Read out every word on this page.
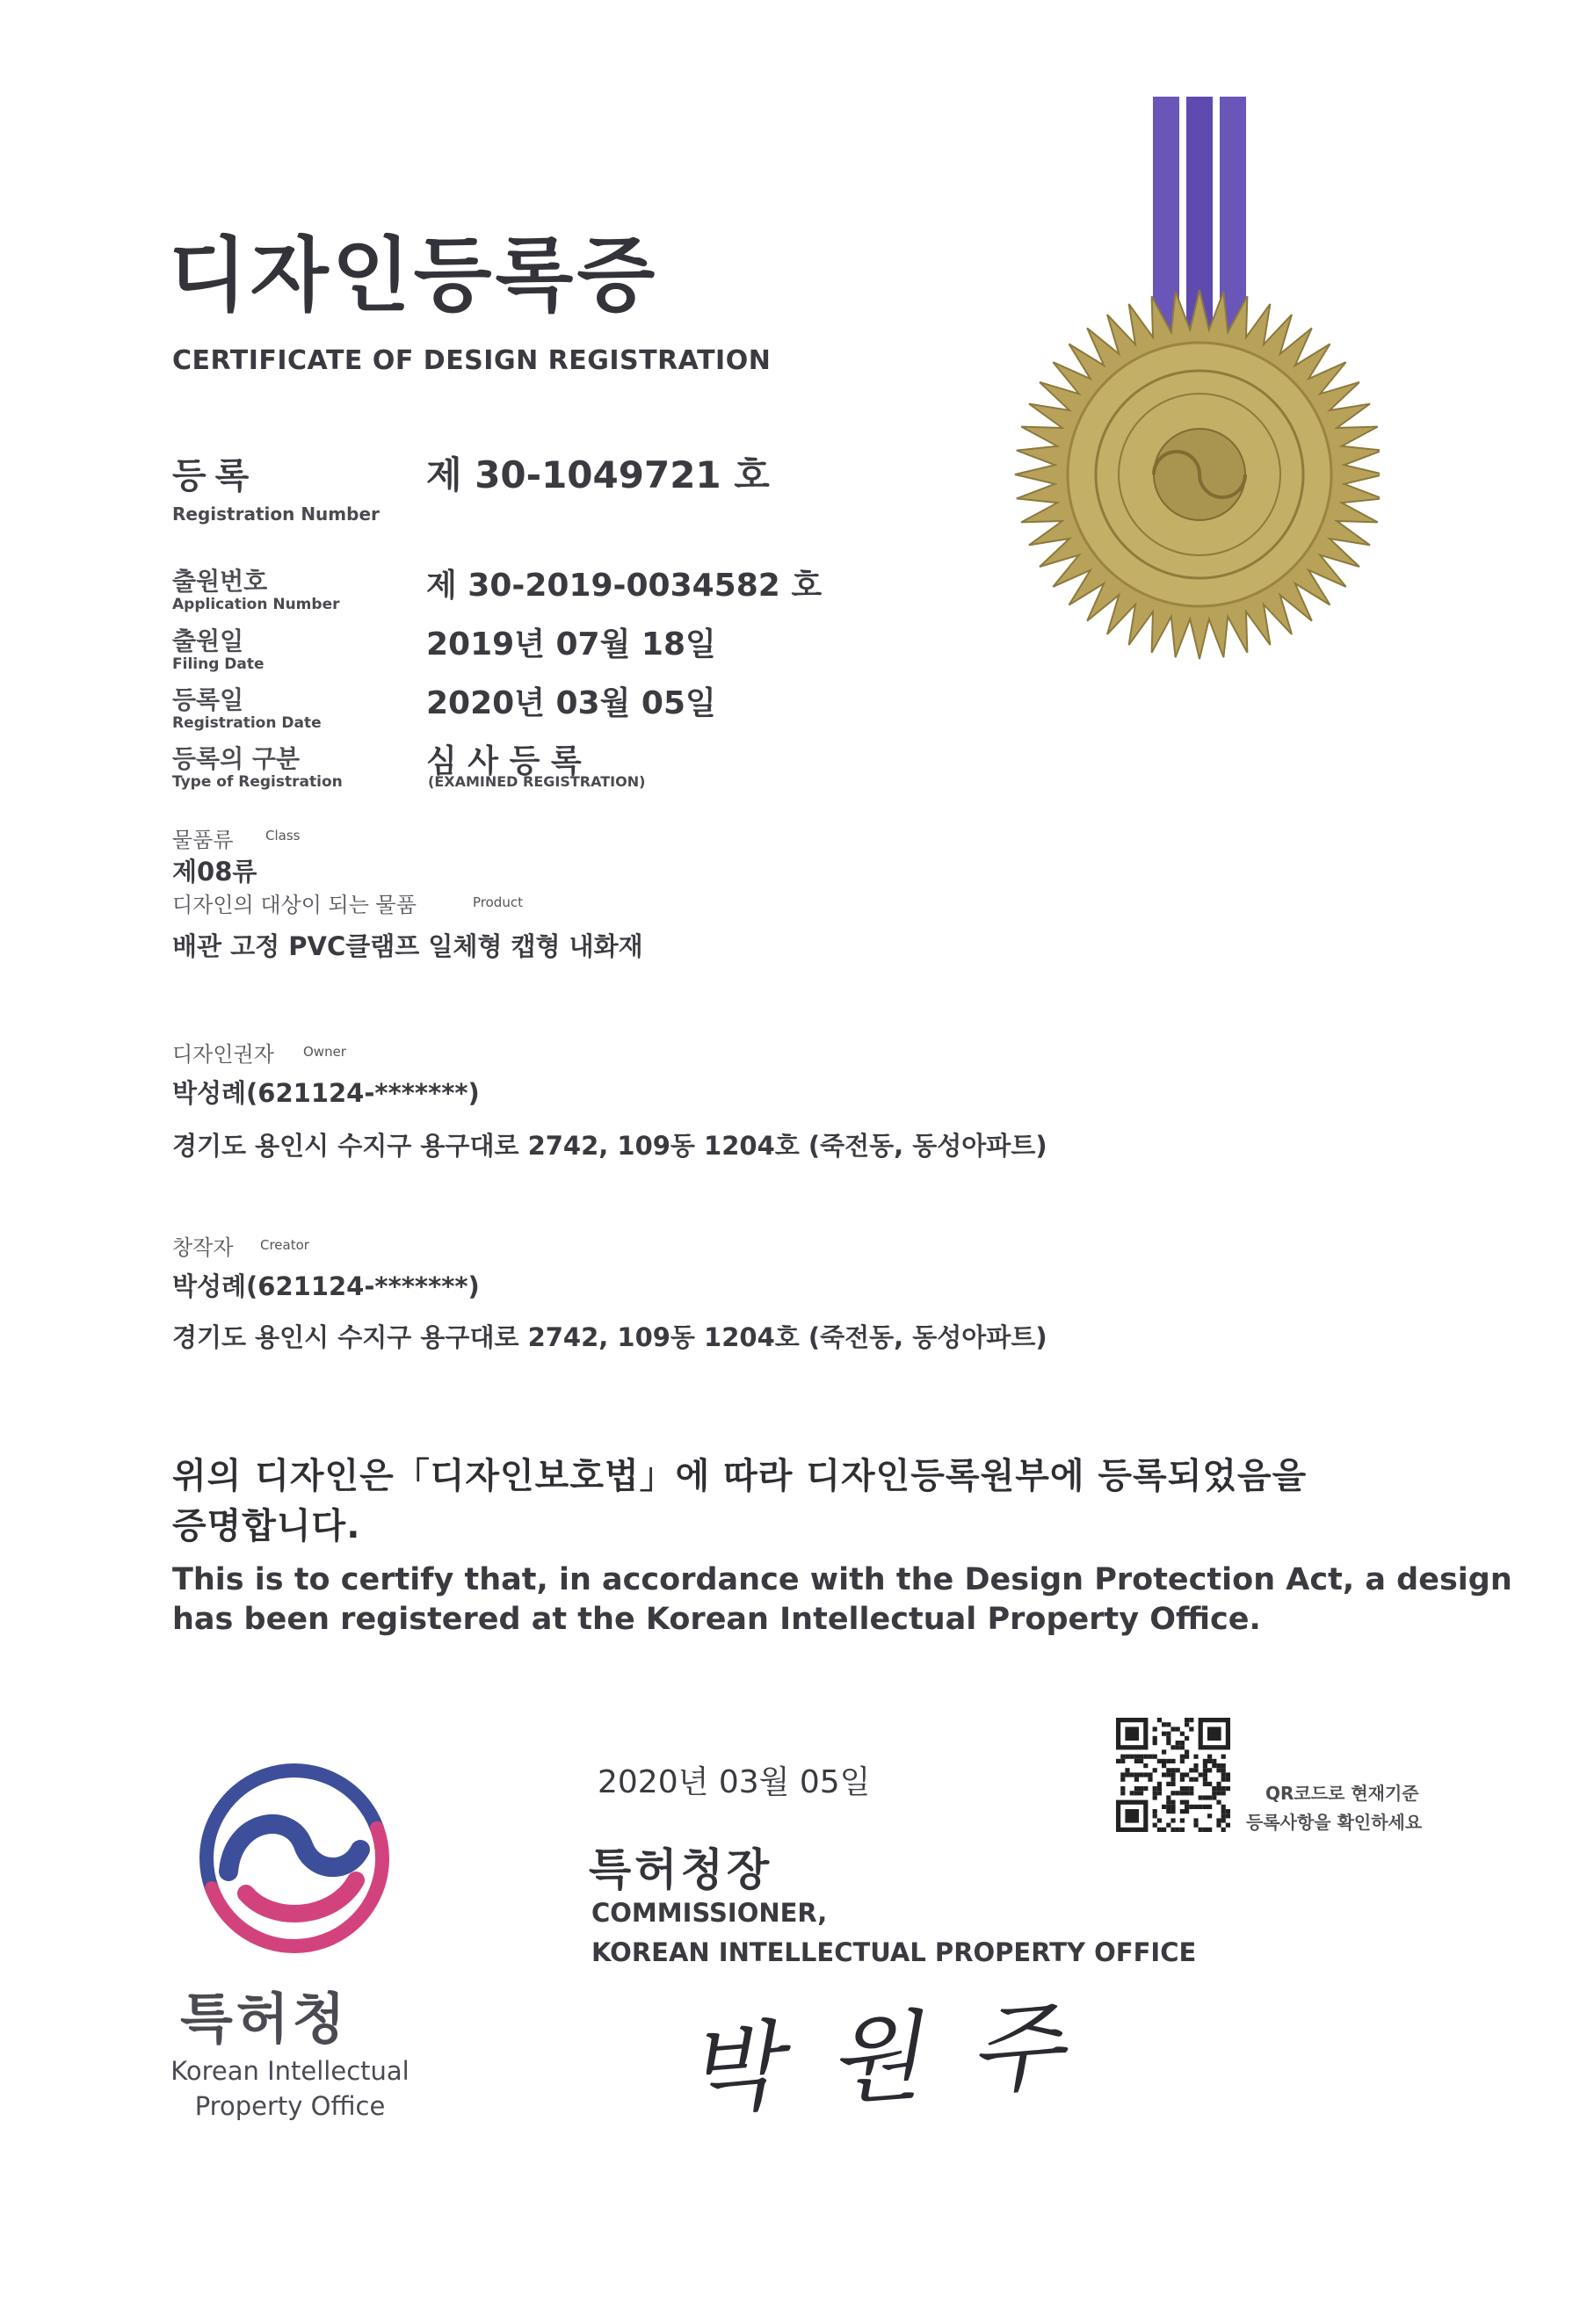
디자인등록증
CERTIFICATE OF DESIGN REGISTRATION
등록
Registration Number
제 30-1049721 호
출원번호
Application Number
제 30-2019-0034582 호
출원일
Filing Date
2019년 07월 18일
등록일
Registration Date
2020년 03월 05일
등록의 구분
Type of Registration
심 사 등 록
(EXAMINED REGISTRATION)
물품류 Class
제08류
디자인의 대상이 되는 물품	Product
배관 고정 PVC클램프 일체형 캡형 내화재
디자인권자 Owner
박성례(621124-*******)
경기도 용인시 수지구 용구대로 2742, 109동 1204호 (죽전동, 동성아파트)
창작자 Creator
박성례(621124-*******)
경기도 용인시 수지구 용구대로 2742, 109동 1204호 (죽전동, 동성아파트)
위의 디자인은「디자인보호법」에 따라 디자인등록원부에 등록되었음을
증명합니다.
This is to certify that, in accordance with the Design Protection Act, a design
has been registered at the Korean Intellectual Property Office.
2020년 03월 05일	QR코드로 현재기준
등록사항을 확인하세요
특허청장
COMMISSIONER,
KOREAN INTELLECTUAL PROPERTY OFFICE
박 원 주
특허청
Korean Intellectual
Property Office
